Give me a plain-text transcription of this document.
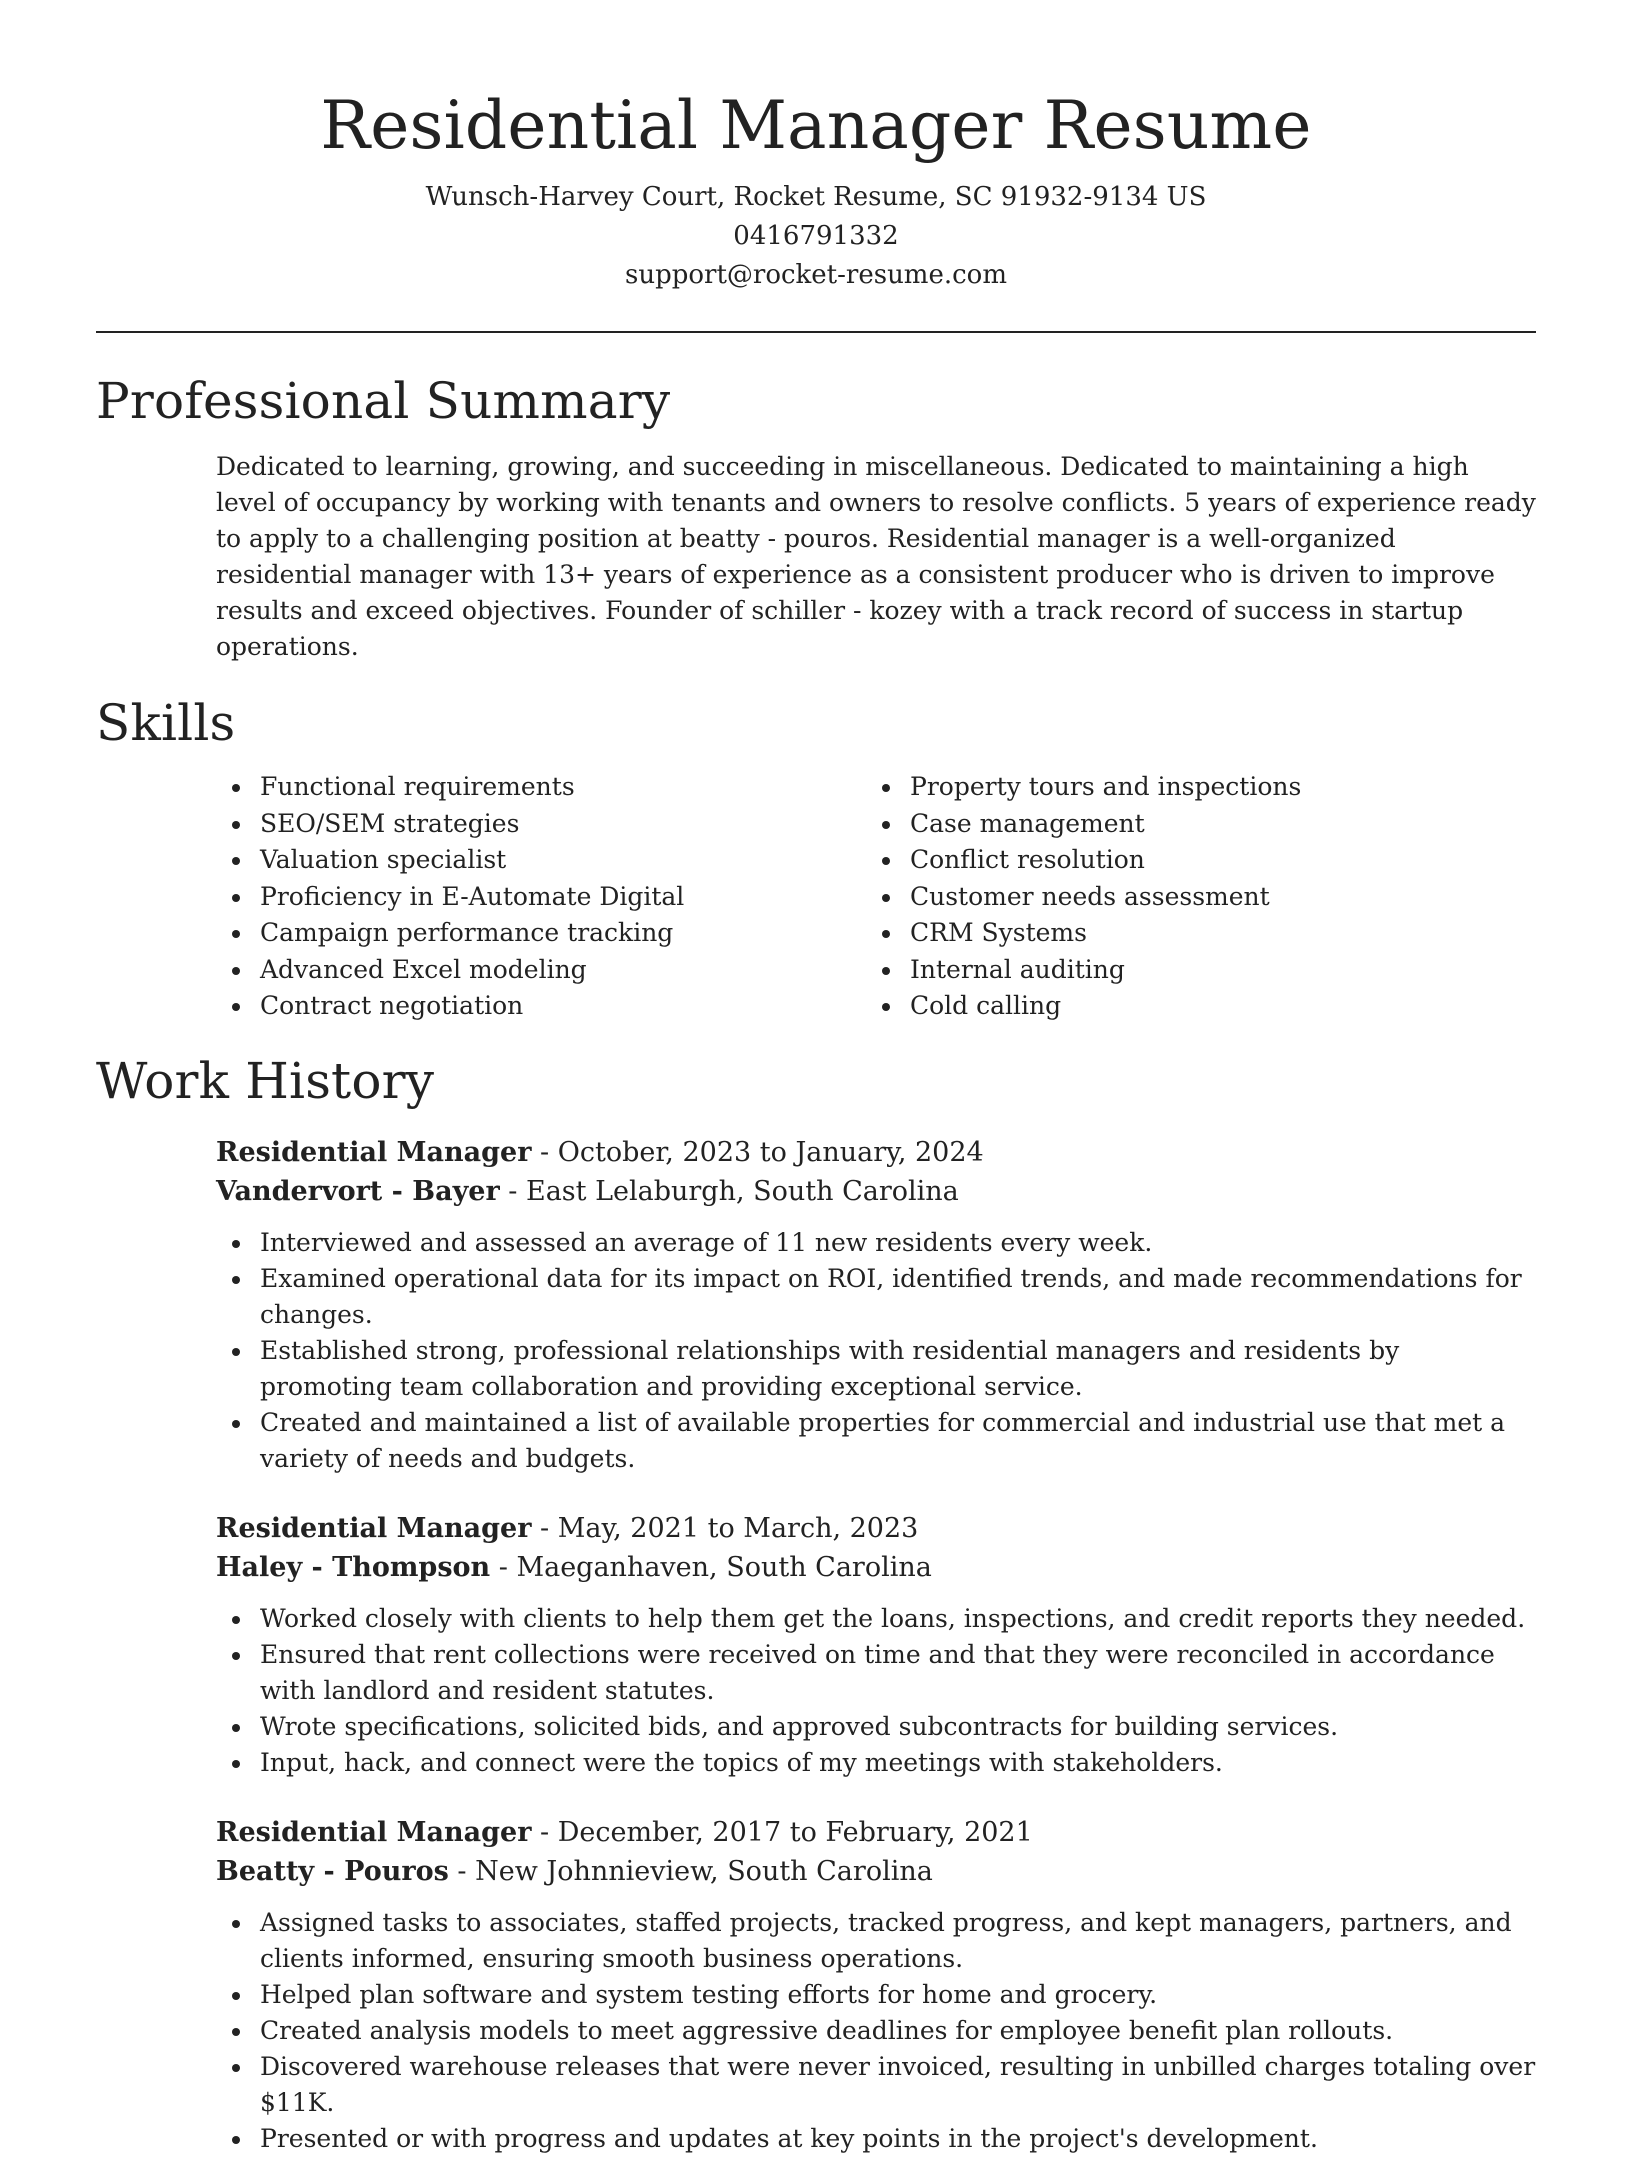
Residential Manager Resume
Wunsch-Harvey Court, Rocket Resume, SC 91932-9134 US
0416791332
support@rocket-resume.com
Professional Summary

Dedicated to learning, growing, and succeeding in miscellaneous. Dedicated to maintaining a high level of occupancy by working with tenants and owners to resolve conflicts. 5 years of experience ready to apply to a challenging position at beatty - pouros. Residential manager is a well-organized residential manager with 13+ years of experience as a consistent producer who is driven to improve results and exceed objectives. Founder of schiller - kozey with a track record of success in startup operations.

Skills
Functional requirements
SEO/SEM strategies
Valuation specialist
Proficiency in E-Automate Digital
Campaign performance tracking
Advanced Excel modeling
Contract negotiation
Property tours and inspections
Case management
Conflict resolution
Customer needs assessment
CRM Systems
Internal auditing
Cold calling
Work History
Residential Manager - October, 2023 to January, 2024
Vandervort - Bayer - East Lelaburgh, South Carolina
Interviewed and assessed an average of 11 new residents every week.
Examined operational data for its impact on ROI, identified trends, and made recommendations for changes.
Established strong, professional relationships with residential managers and residents by promoting team collaboration and providing exceptional service.
Created and maintained a list of available properties for commercial and industrial use that met a variety of needs and budgets.
Residential Manager - May, 2021 to March, 2023
Haley - Thompson - Maeganhaven, South Carolina
Worked closely with clients to help them get the loans, inspections, and credit reports they needed.
Ensured that rent collections were received on time and that they were reconciled in accordance with landlord and resident statutes.
Wrote specifications, solicited bids, and approved subcontracts for building services.
Input, hack, and connect were the topics of my meetings with stakeholders.
Residential Manager - December, 2017 to February, 2021
Beatty - Pouros - New Johnnieview, South Carolina
Assigned tasks to associates, staffed projects, tracked progress, and kept managers, partners, and clients informed, ensuring smooth business operations.
Helped plan software and system testing efforts for home and grocery.
Created analysis models to meet aggressive deadlines for employee benefit plan rollouts.
Discovered warehouse releases that were never invoiced, resulting in unbilled charges totaling over $11K.
Presented or with progress and updates at key points in the project's development.
